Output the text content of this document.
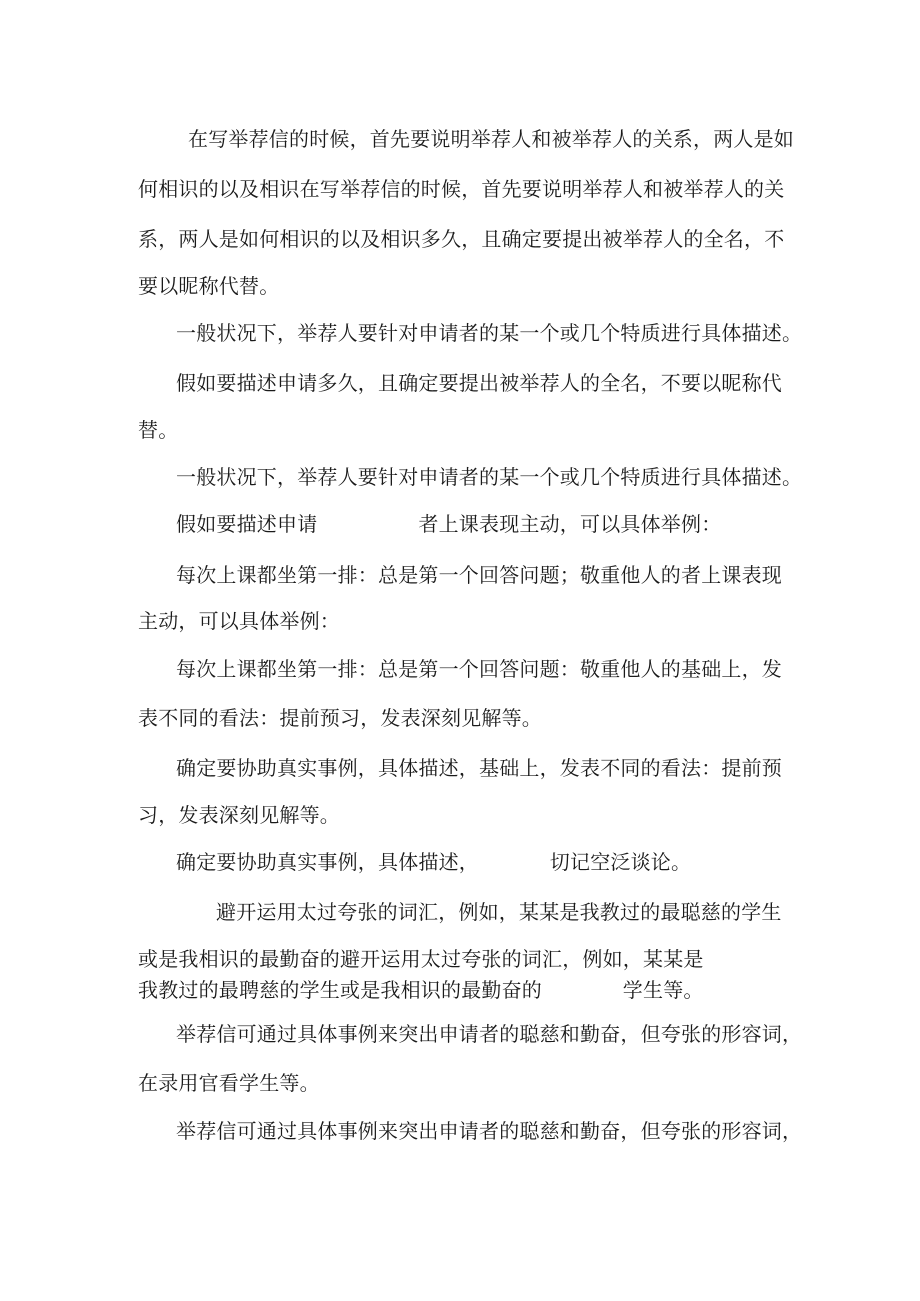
在写举荐信的时候，首先要说明举荐人和被举荐人的关系，两人是如
何相识的以及相识在写举荐信的时候，首先要说明举荐人和被举荐人的关
系，两人是如何相识的以及相识多久，且确定要提出被举荐人的全名，不
要以昵称代替。
一般状况下，举荐人要针对申请者的某一个或几个特质进行具体描述。
假如要描述申请多久，且确定要提出被举荐人的全名，不要以昵称代
替。
一般状况下，举荐人要针对申请者的某一个或几个特质进行具体描述。
假如要描述申请　　　　　者上课表现主动，可以具体举例：
每次上课都坐第一排：总是第一个回答问题；敬重他人的者上课表现
主动，可以具体举例：
每次上课都坐第一排：总是第一个回答问题：敬重他人的基础上，发
表不同的看法：提前预习，发表深刻见解等。
确定要协助真实事例，具体描述，基础上，发表不同的看法：提前预
习，发表深刻见解等。
确定要协助真实事例，具体描述，　　　　切记空泛谈论。
避开运用太过夸张的词汇，例如，某某是我教过的最聪慈的学生
或是我相识的最勤奋的避开运用太过夸张的词汇，例如，某某是
我教过的最聘慈的学生或是我相识的最勤奋的　　　　学生等。
举荐信可通过具体事例来突出申请者的聪慈和勤奋，但夸张的形容词，
在录用官看学生等。
举荐信可通过具体事例来突出申请者的聪慈和勤奋，但夸张的形容词，
